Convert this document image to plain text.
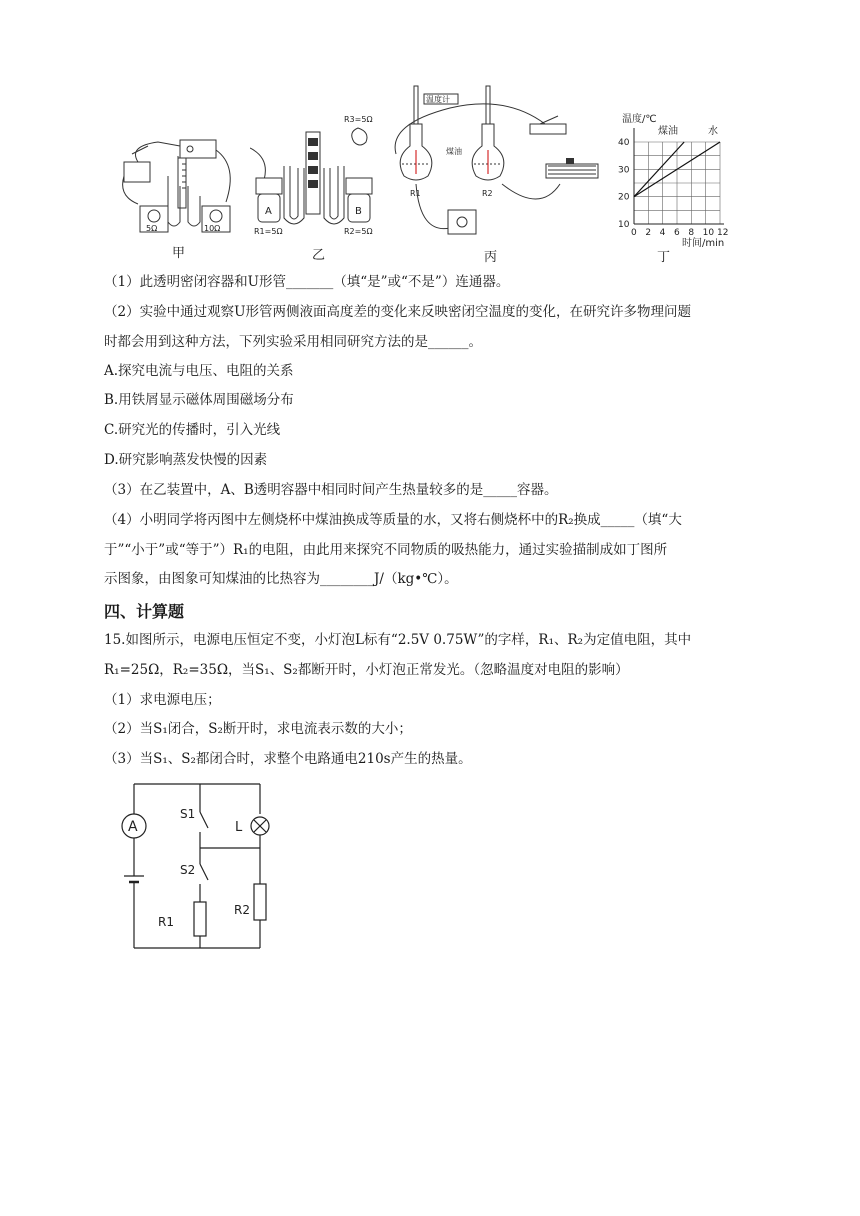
5Ω	10Ω
甲
R3=5Ω
A	B
R1=5Ω	R2=5Ω
乙
温度计
煤油
R1	R2
丙
40
30
20
10
0 2 4 6 8 10 12
温度/℃
煤油	水
时间/min
丁
（1）此透明密闭容器和U形管_______（填“是”或“不是”）连通器。
（2）实验中通过观察U形管两侧液面高度差的变化来反映密闭空温度的变化，在研究许多物理问题
时都会用到这种方法，下列实验采用相同研究方法的是______。
A.探究电流与电压、电阻的关系
B.用铁屑显示磁体周围磁场分布
C.研究光的传播时，引入光线
D.研究影响蒸发快慢的因素
（3）在乙装置中，A、B透明容器中相同时间产生热量较多的是_____容器。
（4）小明同学将丙图中左侧烧杯中煤油换成等质量的水，又将右侧烧杯中的R₂换成_____（填“大
于”“小于”或“等于”）R₁的电阻，由此用来探究不同物质的吸热能力，通过实验描制成如丁图所
示图象，由图象可知煤油的比热容为________J/（kg•℃）。
四、计算题
15.如图所示，电源电压恒定不变，小灯泡L标有“2.5V 0.75W”的字样，R₁、R₂为定值电阻，其中
R₁=25Ω，R₂=35Ω，当S₁、S₂都断开时，小灯泡正常发光。（忽略温度对电阻的影响）
（1）求电源电压；
（2）当S₁闭合，S₂断开时，求电流表示数的大小；
（3）当S₁、S₂都闭合时，求整个电路通电210s产生的热量。
A
S1
L
S2
R1
R2
